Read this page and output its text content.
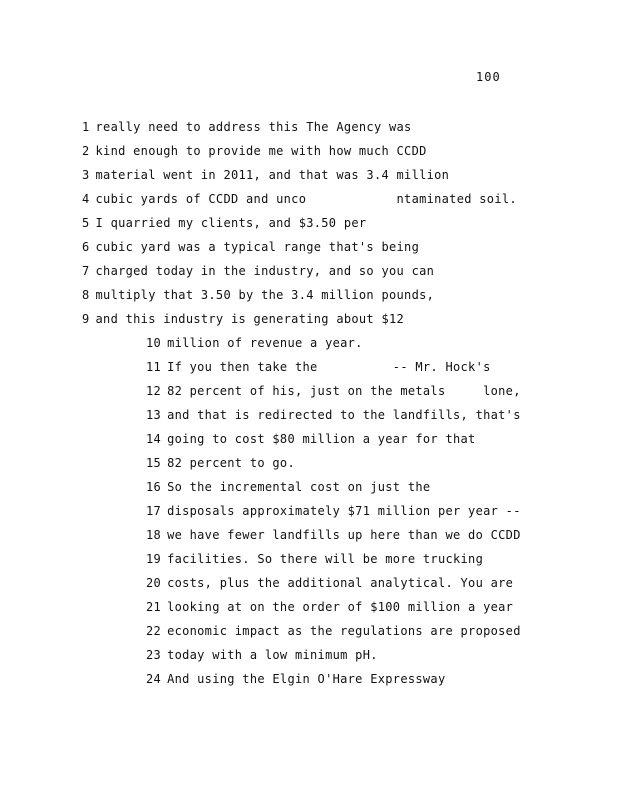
100
1 really need to address this The Agency was
2 kind enough to provide me with how much CCDD
3 material went in 2011, and that was 3.4 million
4 cubic yards of CCDD and unco            ntaminated soil.
5 I quarried my clients, and $3.50 per
6 cubic yard was a typical range that's being
7 charged today in the industry, and so you can
8 multiply that 3.50 by the 3.4 million pounds,
9 and this industry is generating about $12
10 million of revenue a year.
11 If you then take the          -- Mr. Hock's
12 82 percent of his, just on the metals     lone,
13 and that is redirected to the landfills, that's
14 going to cost $80 million a year for that
15 82 percent to go.
16 So the incremental cost on just the
17 disposals approximately $71 million per year --
18 we have fewer landfills up here than we do CCDD
19 facilities. So there will be more trucking
20 costs, plus the additional analytical. You are
21 looking at on the order of $100 million a year
22 economic impact as the regulations are proposed
23 today with a low minimum pH.
24 And using the Elgin O'Hare Expressway
